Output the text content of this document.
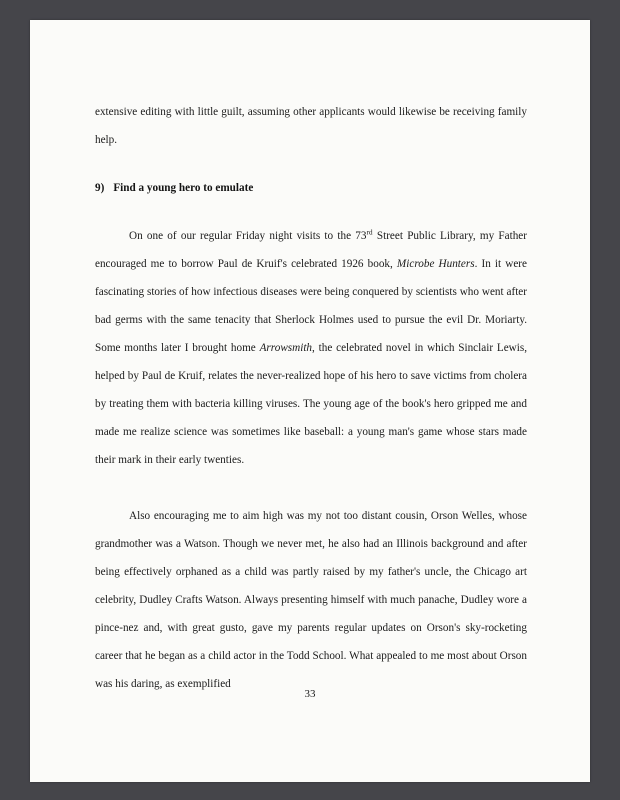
extensive editing with little guilt, assuming other applicants would likewise be receiving family help.

9) Find a young hero to emulate

On one of our regular Friday night visits to the 73rd Street Public Library, my Father encouraged me to borrow Paul de Kruif's celebrated 1926 book, Microbe Hunters. In it were fascinating stories of how infectious diseases were being conquered by scientists who went after bad germs with the same tenacity that Sherlock Holmes used to pursue the evil Dr. Moriarty. Some months later I brought home Arrowsmith, the celebrated novel in which Sinclair Lewis, helped by Paul de Kruif, relates the never-realized hope of his hero to save victims from cholera by treating them with bacteria killing viruses. The young age of the book's hero gripped me and made me realize science was sometimes like baseball: a young man's game whose stars made their mark in their early twenties.

Also encouraging me to aim high was my not too distant cousin, Orson Welles, whose grandmother was a Watson. Though we never met, he also had an Illinois background and after being effectively orphaned as a child was partly raised by my father's uncle, the Chicago art celebrity, Dudley Crafts Watson. Always presenting himself with much panache, Dudley wore a pince-nez and, with great gusto, gave my parents regular updates on Orson's sky-rocketing career that he began as a child actor in the Todd School. What appealed to me most about Orson was his daring, as exemplified

33
